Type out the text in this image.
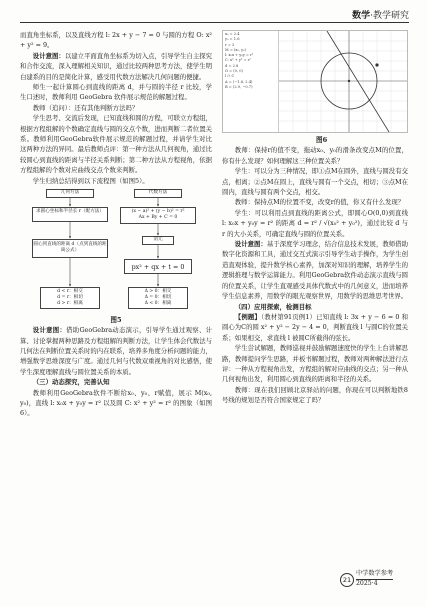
数学·教学研究

而直角坐标系，以及直线方程 l: 2x + y − 7 = 0 与圆的方程 O: x² + y² = 9。

设计意图：以建立平面直角坐标系为切入点，引导学生自主探究和合作交流，深入理解相关知识，通过比较两种思考方法，使学生明白建系的目的是简化计算，感受用代数方法解决几何问题的便捷。

师生一起计算圆心到直线的距离 d，并与圆的半径 r 比较，学生口述时，教师利用 GeoGebra 软件展示规范的解题过程。

教师（追问）：还有其他判断方法吗？

学生思考、交流后发现，已知直线和圆的方程，可联立方程组，根据方程组解的个数确定直线与圆的交点个数，进而判断二者位置关系。教师利用GeoGebra软件展示规范的解题过程，并请学生对比这两种方法的异同。最后教师点评：第一种方法从几何视角，通过比较圆心到直线的距离与半径关系判断；第二种方法从方程视角，依据方程组解的个数对应曲线交点个数来判断。

学生归纳总结得到以下流程图（如图5）。

几何方法	代数方法
求圆心坐标和半径长 r（配方法）	(x − a)² + (y − b)² = r²
Ax + By + C = 0
圆心到直线的距离 d（点到直线的距离公式）
消元
px² + qx + t = 0
d < r：相交
d = r：相切
d > r：相离
Δ > 0：相交
Δ = 0：相切
Δ < 0：相离
图5

设计意图：借助GeoGebra动态演示，引导学生通过观察、计算、讨论掌握两种思路及方程组解的判断方法，让学生体会代数法与几何法在判断位置关系时的内在联系，培养多角度分析问题的能力，增强数学思维深度与广度。通过几何与代数双重视角的对比感悟，使学生深度理解直线与圆位置关系的本质。

（三）动态探究，完善认知

教师利用GeoGebra软件不断给x₀、y₀、r赋值，展示 M(x₀, y₀)，直线 l: x₀x + y₀y = r² 以及圆 C: x² + y² = r² 的图象（如图6）。

x₀ = 2.4
y₀ = 1.6
r = 3
M = (x₀, y₀)
l: x₀x + y₀y = r²
C: x² + y² = r²
d = 2.8
O = (0, 0)
l ∩ C
A = (−1.8, 2.4)
B = (2.9, −0.7)

图6

教师：保持r的值不变，拖动x₀、y₀的滑条改变点M的位置，你有什么发现？如何理解这三种位置关系？

学生：可以分为三种情况，即①点M在圆外，直线与圆没有交点，相离；②点M在圆上，直线与圆有一个交点，相切；③点M在圆内，直线与圆有两个交点，相交。

教师：保持点M的位置不变，改变r的值，你又有什么发现？

学生：可以利用点到直线的距离公式，即圆心O(0,0)到直线 l: x₀x + y₀y = r² 的距离 d = r² / √(x₀² + y₀²)，通过比较 d 与 r 的大小关系，可确定直线与圆的位置关系。

设计意图：基于深度学习理念，结合信息技术发展，教师借助数字化资源和工具，通过交互式演示引导学生动手操作，为学生创造直观体验，提升数学核心素养，加深对知识的理解，培养学生的逻辑推理与数学运算能力。利用GeoGebra软件动态演示直线与圆的位置关系，让学生直观感受具体代数式中的几何意义，进而培养学生信息素养，用数学的眼光观察世界，用数学的思维思考世界。

（四）应用探索，检测目标

【例题】（教材第91页例1）已知直线 l: 3x + y − 6 = 0 和圆心为C的圆 x² + y² − 2y − 4 = 0，判断直线 l 与圆C的位置关系；如果相交，求直线 l 被圆C所截得的弦长。

学生尝试解题，教师巡视并鼓励解题速度快的学生上台讲解思路，教师提问学生思路，并板书解题过程，教师对两种解法进行点评：一种从方程视角出发，方程组的解对应曲线的交点；另一种从几何视角出发，利用圆心到直线的距离和半径的关系。

教师：现在我们回顾北京驿站的问题，你现在可以判断地铁8号线的规划是否符合国家规定了吗？

21
中学数学参考
2025·4
